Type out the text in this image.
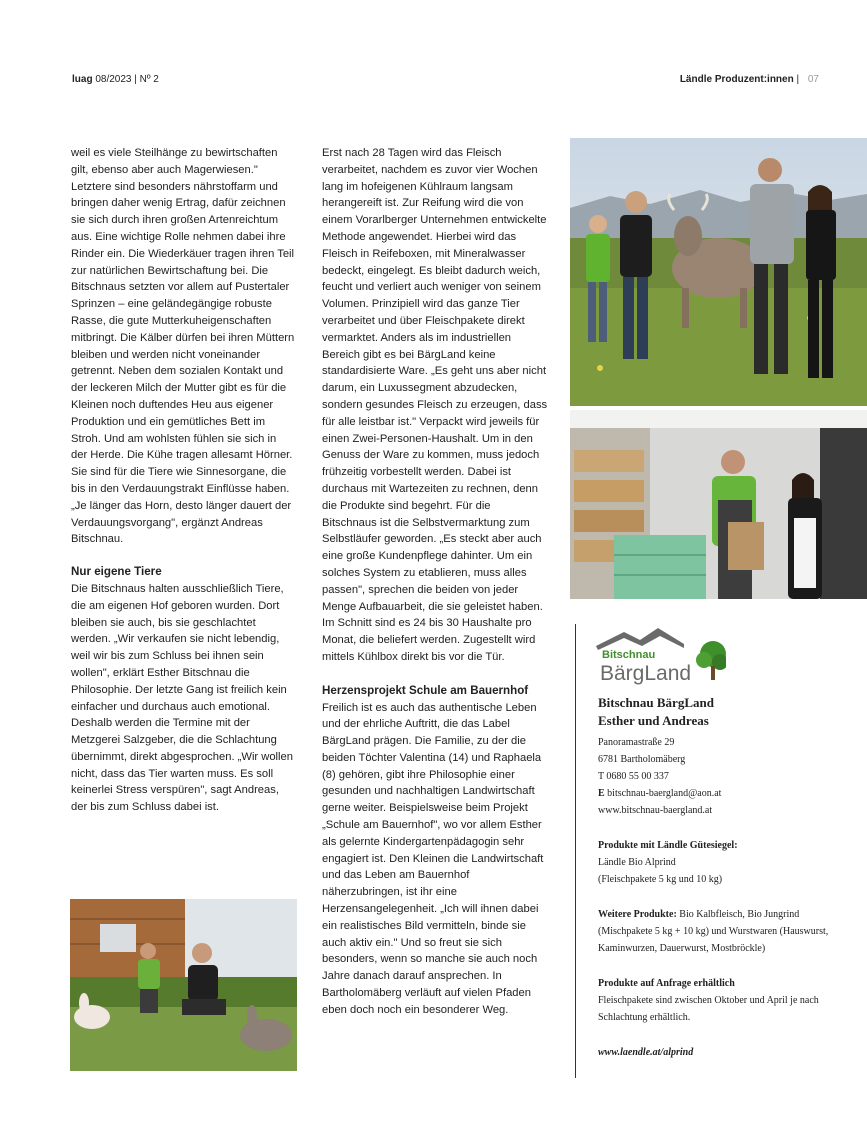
luag 08/2023 | Nº 2	Ländle Produzent:innen | 07

weil es viele Steilhänge zu bewirtschaften gilt, ebenso aber auch Magerwiesen." Letztere sind besonders nährstoffarm und bringen daher wenig Ertrag, dafür zeichnen sie sich durch ihren großen Artenreichtum aus. Eine wichtige Rolle nehmen dabei ihre Rinder ein. Die Wiederkäuer tragen ihren Teil zur natürlichen Bewirtschaftung bei. Die Bitschnaus setzten vor allem auf Pustertaler Sprinzen – eine geländegängige robuste Rasse, die gute Mutterkuheigenschaften mitbringt. Die Kälber dürfen bei ihren Müttern bleiben und werden nicht voneinander getrennt. Neben dem sozialen Kontakt und der leckeren Milch der Mutter gibt es für die Kleinen noch duftendes Heu aus eigener Produktion und ein gemütliches Bett im Stroh. Und am wohlsten fühlen sie sich in der Herde. Die Kühe tragen allesamt Hörner. Sie sind für die Tiere wie Sinnesorgane, die bis in den Verdauungstrakt Einflüsse haben. „Je länger das Horn, desto länger dauert der Verdauungsvorgang", ergänzt Andreas Bitschnau.

Nur eigene Tiere

Die Bitschnaus halten ausschließlich Tiere, die am eigenen Hof geboren wurden. Dort bleiben sie auch, bis sie geschlachtet werden. „Wir verkaufen sie nicht lebendig, weil wir bis zum Schluss bei ihnen sein wollen", erklärt Esther Bitschnau die Philosophie. Der letzte Gang ist freilich kein einfacher und durchaus auch emotional. Deshalb werden die Termine mit der Metzgerei Salzgeber, die die Schlachtung übernimmt, direkt abgesprochen. „Wir wollen nicht, dass das Tier warten muss. Es soll keinerlei Stress verspüren", sagt Andreas, der bis zum Schluss dabei ist.

Erst nach 28 Tagen wird das Fleisch verarbeitet, nachdem es zuvor vier Wochen lang im hofeigenen Kühlraum langsam herangereift ist. Zur Reifung wird die von einem Vorarlberger Unternehmen entwickelte Methode angewendet. Hierbei wird das Fleisch in Reifeboxen, mit Mineralwasser bedeckt, eingelegt. Es bleibt dadurch weich, feucht und verliert auch weniger von seinem Volumen. Prinzipiell wird das ganze Tier verarbeitet und über Fleischpakete direkt vermarktet. Anders als im industriellen Bereich gibt es bei BärgLand keine standardisierte Ware. „Es geht uns aber nicht darum, ein Luxussegment abzudecken, sondern gesundes Fleisch zu erzeugen, dass für alle leistbar ist." Verpackt wird jeweils für einen Zwei-Personen-Haushalt. Um in den Genuss der Ware zu kommen, muss jedoch frühzeitig vorbestellt werden. Dabei ist durchaus mit Wartezeiten zu rechnen, denn die Produkte sind begehrt. Für die Bitschnaus ist die Selbstvermarktung zum Selbstläufer geworden. „Es steckt aber auch eine große Kundenpflege dahinter. Um ein solches System zu etablieren, muss alles passen", sprechen die beiden von jeder Menge Aufbauarbeit, die sie geleistet haben. Im Schnitt sind es 24 bis 30 Haushalte pro Monat, die beliefert werden. Zugestellt wird mittels Kühlbox direkt bis vor die Tür.

Herzensprojekt Schule am Bauernhof

Freilich ist es auch das authentische Leben und der ehrliche Auftritt, die das Label BärgLand prägen. Die Familie, zu der die beiden Töchter Valentina (14) und Raphaela (8) gehören, gibt ihre Philosophie einer gesunden und nachhaltigen Landwirtschaft gerne weiter. Beispielsweise beim Projekt „Schule am Bauernhof", wo vor allem Esther als gelernte Kindergartenpädagogin sehr engagiert ist. Den Kleinen die Landwirtschaft und das Leben am Bauernhof näherzubringen, ist ihr eine Herzensangelegenheit. „Ich will ihnen dabei ein realistisches Bild vermitteln, binde sie auch aktiv ein." Und so freut sie sich besonders, wenn so manche sie auch noch Jahre danach darauf ansprechen. In Bartholomäberg verläuft auf vielen Pfaden eben doch noch ein besonderer Weg.

Bitschnau
BärgLand
Bitschnau BärgLand
Esther und Andreas
Panoramastraße 29
6781 Bartholomäberg
T 0680 55 00 337
E bitschnau-baergland@aon.at
www.bitschnau-baergland.at
Produkte mit Ländle Gütesiegel:
Ländle Bio Alprind
(Fleischpakete 5 kg und 10 kg)
Weitere Produkte: Bio Kalbfleisch, Bio Jungrind (Mischpakete 5 kg + 10 kg) und Wurstwaren (Hauswurst, Kaminwurzen, Dauerwurst, Mostbröckle)
Produkte auf Anfrage erhältlich
Fleischpakete sind zwischen Oktober und April je nach Schlachtung erhältlich.
www.laendle.at/alprind
